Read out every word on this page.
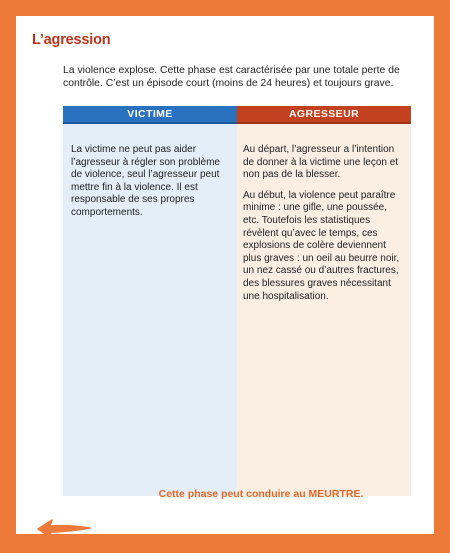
L’agression

La violence explose. Cette phase est caractérisée par une totale perte de contrôle. C’est un épisode court (moins de 24 heures) et toujours grave.

VICTIME	AGRESSEUR

La victime ne peut pas aider l’agresseur à régler son problème de violence, seul l’agresseur peut mettre fin à la violence. Il est responsable de ses propres comportements.

Au départ, l’agresseur a l’intention de donner à la victime une leçon et non pas de la blesser.

Au début, la violence peut paraître minime : une gifle, une poussée, etc. Toutefois les statistiques révèlent qu’avec le temps, ces explosions de colère deviennent plus graves : un oeil au beurre noir, un nez cassé ou d’autres fractures, des blessures graves nécessitant une hospitalisation.

Cette phase peut conduire au MEURTRE.
